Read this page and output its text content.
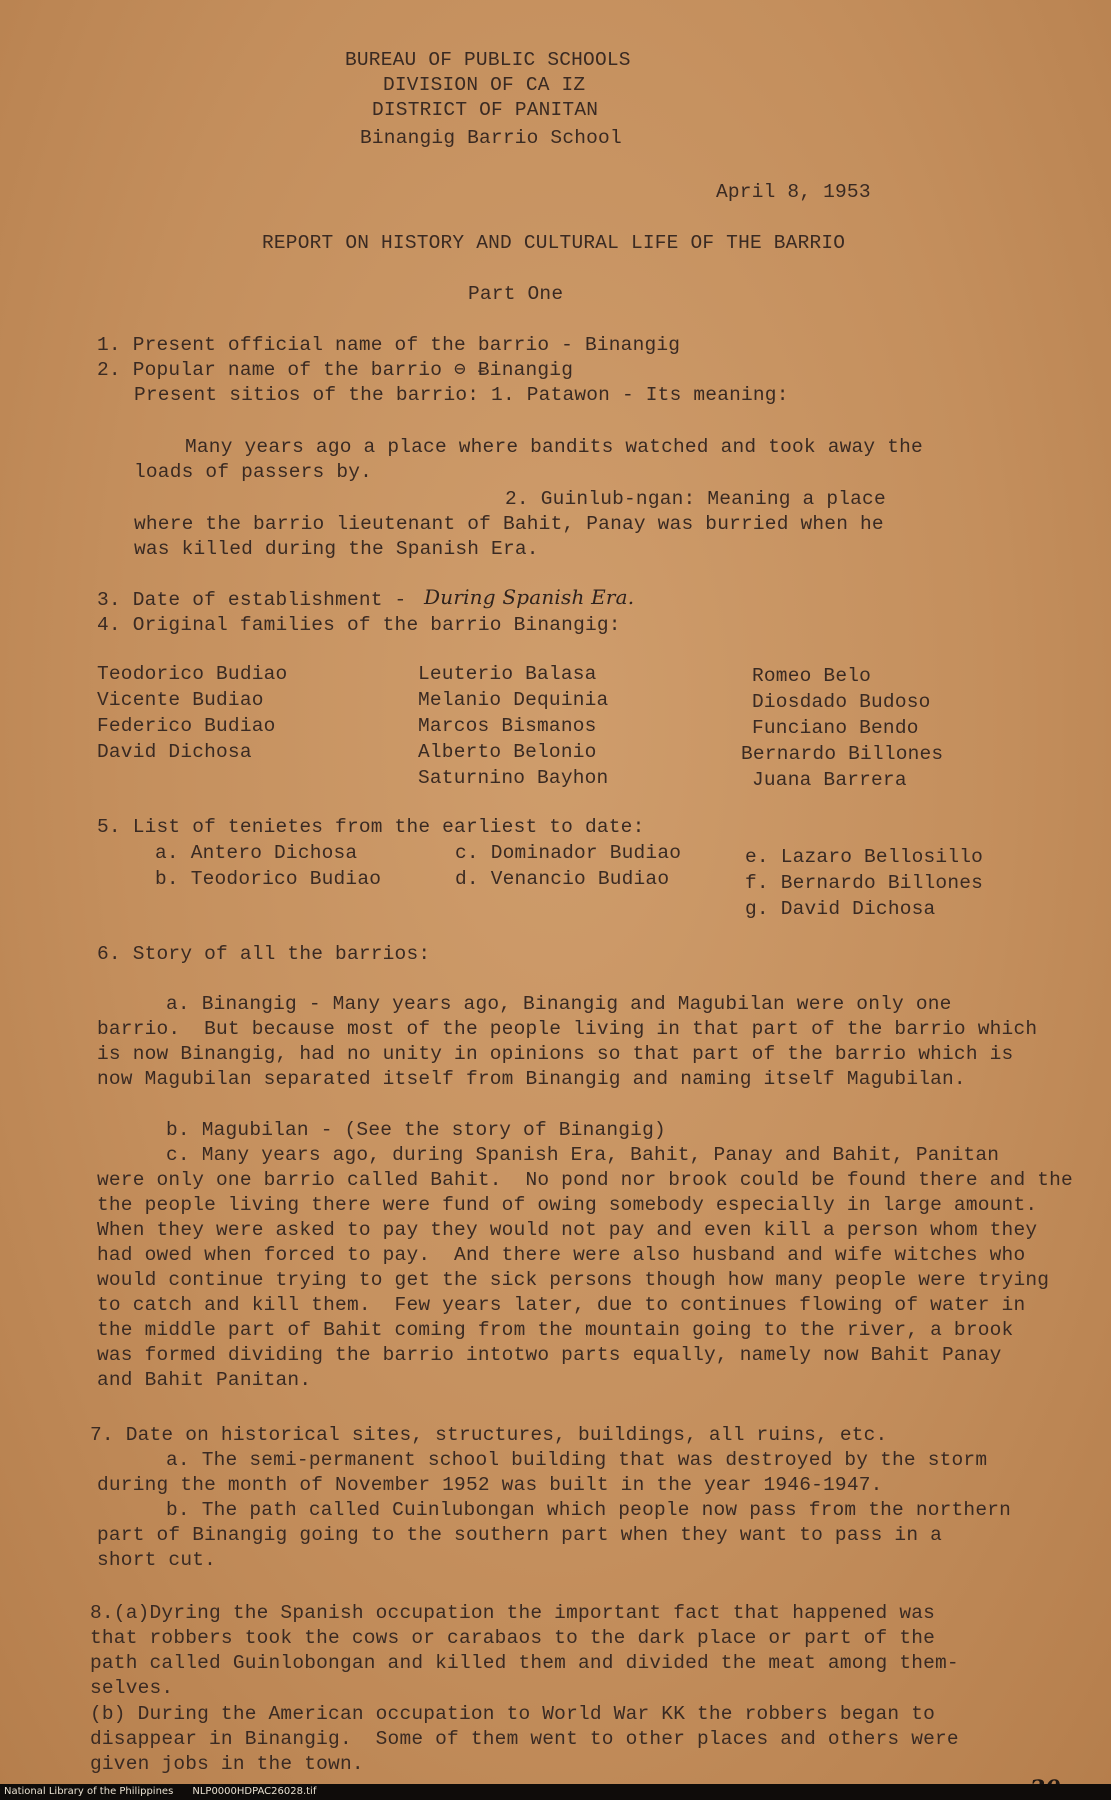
BUREAU OF PUBLIC SCHOOLS
DIVISION OF CA IZ
DISTRICT OF PANITAN
Binangig Barrio School
April 8, 1953
REPORT ON HISTORY AND CULTURAL LIFE OF THE BARRIO
Part One
1. Present official name of the barrio - Binangig
2. Popular name of the barrio ⊖ Ƀinangig
Present sitios of the barrio: 1. Patawon - Its meaning:
Many years ago a place where bandits watched and took away the
loads of passers by.
2. Guinlub-ngan: Meaning a place
where the barrio lieutenant of Bahit, Panay was burried when he
was killed during the Spanish Era.
3. Date of establishment - During Spanish Era.
4. Original families of the barrio Binangig:
Teodorico Budiao
Vicente Budiao
Federico Budiao
David Dichosa
Leuterio Balasa
Melanio Dequinia
Marcos Bismanos
Alberto Belonio
Saturnino Bayhon
Romeo Belo
Diosdado Budoso
Funciano Bendo
Bernardo Billones
Juana Barrera
5. List of tenietes from the earliest to date:
a. Antero Dichosa
b. Teodorico Budiao
c. Dominador Budiao
d. Venancio Budiao
e. Lazaro Bellosillo
f. Bernardo Billones
g. David Dichosa
6. Story of all the barrios:
a. Binangig - Many years ago, Binangig and Magubilan were only one
barrio.  But because most of the people living in that part of the barrio which
is now Binangig, had no unity in opinions so that part of the barrio which is
now Magubilan separated itself from Binangig and naming itself Magubilan.
b. Magubilan - (See the story of Binangig)
c. Many years ago, during Spanish Era, Bahit, Panay and Bahit, Panitan
were only one barrio called Bahit.  No pond nor brook could be found there and the
the people living there were fund of owing somebody especially in large amount.
When they were asked to pay they would not pay and even kill a person whom they
had owed when forced to pay.  And there were also husband and wife witches who
would continue trying to get the sick persons though how many people were trying
to catch and kill them.  Few years later, due to continues flowing of water in
the middle part of Bahit coming from the mountain going to the river, a brook
was formed dividing the barrio intotwo parts equally, namely now Bahit Panay
and Bahit Panitan.
7. Date on historical sites, structures, buildings, all ruins, etc.
a. The semi-permanent school building that was destroyed by the storm
during the month of November 1952 was built in the year 1946-1947.
b. The path called Cuinlubongan which people now pass from the northern
part of Binangig going to the southern part when they want to pass in a
short cut.
8.(a)Dyring the Spanish occupation the important fact that happened was
that robbers took the cows or carabaos to the dark place or part of the
path called Guinlobongan and killed them and divided the meat among them-
selves.
(b) During the American occupation to World War KK the robbers began to
disappear in Binangig.  Some of them went to other places and others were
given jobs in the town.
National Library of the Philippines NLP0000HDPAC26028.tif
